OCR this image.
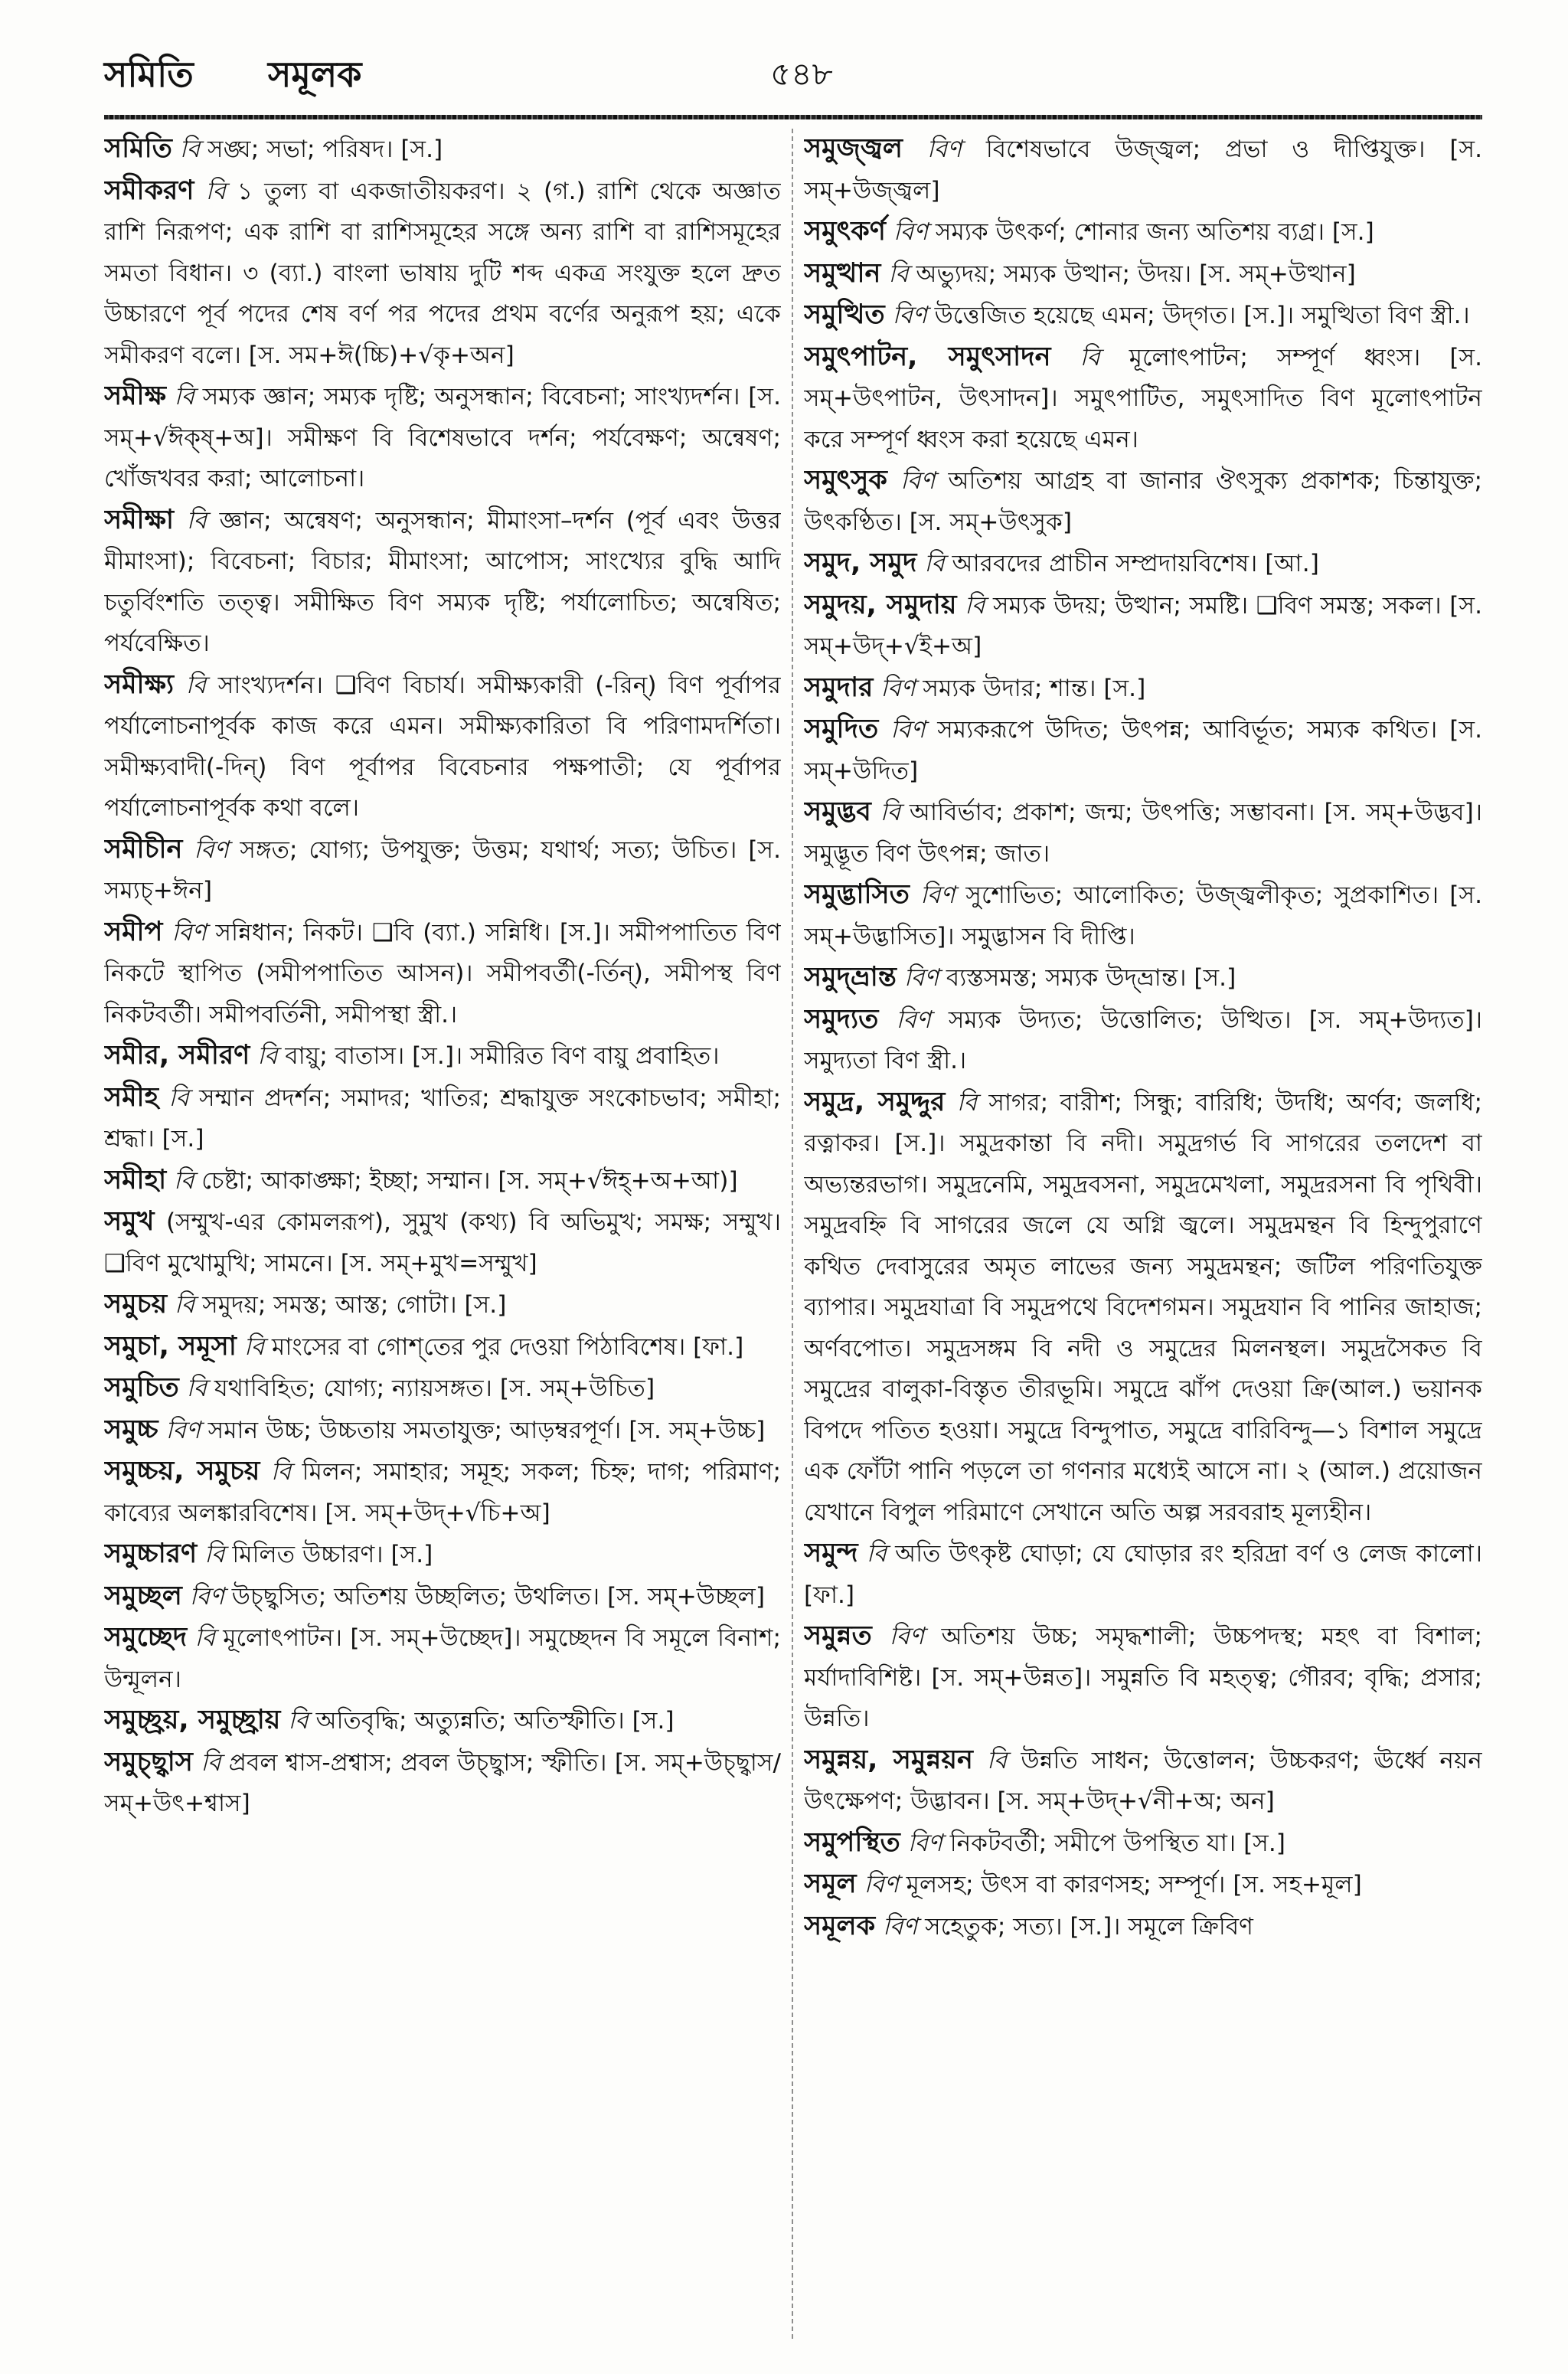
সমিতি সমূলক	৫৪৮

সমিতি বি সঙ্ঘ; সভা; পরিষদ। [স.]

সমীকরণ বি ১ তুল্য বা একজাতীয়করণ। ২ (গ.) রাশি থেকে অজ্ঞাত রাশি নিরূপণ; এক রাশি বা রাশিসমূহের সঙ্গে অন্য রাশি বা রাশিসমূহের সমতা বিধান। ৩ (ব্যা.) বাংলা ভাষায় দুটি শব্দ একত্র সংযুক্ত হলে দ্রুত উচ্চারণে পূর্ব পদের শেষ বর্ণ পর পদের প্রথম বর্ণের অনুরূপ হয়; একে সমীকরণ বলে। [স. সম+ঈ(চ্চি)+√কৃ+অন]

সমীক্ষ বি সম্যক জ্ঞান; সম্যক দৃষ্টি; অনুসন্ধান; বিবেচনা; সাংখ্যদর্শন। [স. সম্+√ঈক্ষ্+অ]। সমীক্ষণ বি বিশেষভাবে দর্শন; পর্যবেক্ষণ; অন্বেষণ; খোঁজখবর করা; আলোচনা।

সমীক্ষা বি জ্ঞান; অন্বেষণ; অনুসন্ধান; মীমাংসা–দর্শন (পূর্ব এবং উত্তর মীমাংসা); বিবেচনা; বিচার; মীমাংসা; আপোস; সাংখ্যের বুদ্ধি আদি চতুর্বিংশতি তত্ত্ব। সমীক্ষিত বিণ সম্যক দৃষ্টি; পর্যালোচিত; অন্বেষিত; পর্যবেক্ষিত।

সমীক্ষ্য বি সাংখ্যদর্শন। ❑বিণ বিচার্য। সমীক্ষ্যকারী (-রিন্) বিণ পূর্বাপর পর্যালোচনাপূর্বক কাজ করে এমন। সমীক্ষ্যকারিতা বি পরিণামদর্শিতা। সমীক্ষ্যবাদী(-দিন্) বিণ পূর্বাপর বিবেচনার পক্ষপাতী; যে পূর্বাপর পর্যালোচনাপূর্বক কথা বলে।

সমীচীন বিণ সঙ্গত; যোগ্য; উপযুক্ত; উত্তম; যথার্থ; সত্য; উচিত। [স. সম্যচ্+ঈন]

সমীপ বিণ সন্নিধান; নিকট। ❑বি (ব্যা.) সন্নিধি। [স.]। সমীপপাতিত বিণ নিকটে স্থাপিত (সমীপপাতিত আসন)। সমীপবর্তী(-র্তিন্), সমীপস্থ বিণ নিকটবর্তী। সমীপবর্তিনী, সমীপস্থা স্ত্রী.।

সমীর, সমীরণ বি বায়ু; বাতাস। [স.]। সমীরিত বিণ বায়ু প্রবাহিত।

সমীহ বি সম্মান প্রদর্শন; সমাদর; খাতির; শ্রদ্ধাযুক্ত সংকোচভাব; সমীহা; শ্রদ্ধা। [স.]

সমীহা বি চেষ্টা; আকাঙ্ক্ষা; ইচ্ছা; সম্মান। [স. সম্+√ঈহ্+অ+আ)]

সমুখ (সম্মুখ-এর কোমলরূপ), সুমুখ (কথ্য) বি অভিমুখ; সমক্ষ; সম্মুখ। ❑বিণ মুখোমুখি; সামনে। [স. সম্+মুখ=সম্মুখ]

সমুচয় বি সমুদয়; সমস্ত; আস্ত; গোটা। [স.]

সমুচা, সমূসা বি মাংসের বা গোশ্‌তের পুর দেওয়া পিঠাবিশেষ। [ফা.]

সমুচিত বি যথাবিহিত; যোগ্য; ন্যায়সঙ্গত। [স. সম্+উচিত]

সমুচ্চ বিণ সমান উচ্চ; উচ্চতায় সমতাযুক্ত; আড়ম্বরপূর্ণ। [স. সম্+উচ্চ]

সমুচ্চয়, সমুচয় বি মিলন; সমাহার; সমূহ; সকল; চিহ্ন; দাগ; পরিমাণ; কাব্যের অলঙ্কারবিশেষ। [স. সম্+উদ্+√চি+অ]

সমুচ্চারণ বি মিলিত উচ্চারণ। [স.]

সমুচ্ছল বিণ উচ্ছ্বসিত; অতিশয় উচ্ছলিত; উথলিত। [স. সম্+উচ্ছল]

সমুচ্ছেদ বি মূলোৎপাটন। [স. সম্+উচ্ছেদ]। সমুচ্ছেদন বি সমূলে বিনাশ; উন্মূলন।

সমুচ্ছ্রয়, সমুচ্ছ্রায় বি অতিবৃদ্ধি; অত্যুন্নতি; অতিস্ফীতি। [স.]

সমুচ্ছ্বাস বি প্রবল শ্বাস-প্রশ্বাস; প্রবল উচ্ছ্বাস; স্ফীতি। [স. সম্+উচ্ছ্বাস/ সম্+উৎ+শ্বাস]

সমুজ্জ্বল বিণ বিশেষভাবে উজ্জ্বল; প্রভা ও দীপ্তিযুক্ত। [স. সম্+উজ্জ্বল]

সমুৎকর্ণ বিণ সম্যক উৎকর্ণ; শোনার জন্য অতিশয় ব্যগ্র। [স.]

সমুত্থান বি অভ্যুদয়; সম্যক উত্থান; উদয়। [স. সম্+উত্থান]

সমুত্থিত বিণ উত্তেজিত হয়েছে এমন; উদ্‌গত। [স.]। সমুত্থিতা বিণ স্ত্রী.।

সমুৎপাটন, সমুৎসাদন বি মূলোৎপাটন; সম্পূর্ণ ধ্বংস। [স. সম্+উৎপাটন, উৎসাদন]। সমুৎপাটিত, সমুৎসাদিত বিণ মূলোৎপাটন করে সম্পূর্ণ ধ্বংস করা হয়েছে এমন।

সমুৎসুক বিণ অতিশয় আগ্রহ বা জানার ঔৎসুক্য প্রকাশক; চিন্তাযুক্ত; উৎকণ্ঠিত। [স. সম্+উৎসুক]

সমুদ, সমুদ বি আরবদের প্রাচীন সম্প্রদায়বিশেষ। [আ.]

সমুদয়, সমুদায় বি সম্যক উদয়; উত্থান; সমষ্টি। ❑বিণ সমস্ত; সকল। [স. সম্+উদ্+√ই+অ]

সমুদার বিণ সম্যক উদার; শান্ত। [স.]

সমুদিত বিণ সম্যকরূপে উদিত; উৎপন্ন; আবির্ভূত; সম্যক কথিত। [স. সম্+উদিত]

সমুদ্ভব বি আবির্ভাব; প্রকাশ; জন্ম; উৎপত্তি; সম্ভাবনা। [স. সম্+উদ্ভব]। সমুদ্ভূত বিণ উৎপন্ন; জাত।

সমুদ্ভাসিত বিণ সুশোভিত; আলোকিত; উজ্জ্বলীকৃত; সুপ্রকাশিত। [স. সম্+উদ্ভাসিত]। সমুদ্ভাসন বি দীপ্তি।

সমুদ্‌ভ্রান্ত বিণ ব্যস্তসমস্ত; সম্যক উদ্‌ভ্রান্ত। [স.]

সমুদ্যত বিণ সম্যক উদ্যত; উত্তোলিত; উত্থিত। [স. সম্+উদ্যত]। সমুদ্যতা বিণ স্ত্রী.।

সমুদ্র, সমুদ্দুর বি সাগর; বারীশ; সিন্ধু; বারিধি; উদধি; অর্ণব; জলধি; রত্নাকর। [স.]। সমুদ্রকান্তা বি নদী। সমুদ্রগর্ভ বি সাগরের তলদেশ বা অভ্যন্তরভাগ। সমুদ্রনেমি, সমুদ্রবসনা, সমুদ্রমেখলা, সমুদ্ররসনা বি পৃথিবী। সমুদ্রবহ্নি বি সাগরের জলে যে অগ্নি জ্বলে। সমুদ্রমন্থন বি হিন্দুপুরাণে কথিত দেবাসুরের অমৃত লাভের জন্য সমুদ্রমন্থন; জটিল পরিণতিযুক্ত ব্যাপার। সমুদ্রযাত্রা বি সমুদ্রপথে বিদেশগমন। সমুদ্রযান বি পানির জাহাজ; অর্ণবপোত। সমুদ্রসঙ্গম বি নদী ও সমুদ্রের মিলনস্থল। সমুদ্রসৈকত বি সমুদ্রের বালুকা-বিস্তৃত তীরভূমি। সমুদ্রে ঝাঁপ দেওয়া ক্রি(আল.) ভয়ানক বিপদে পতিত হওয়া। সমুদ্রে বিন্দুপাত, সমুদ্রে বারিবিন্দু—১ বিশাল সমুদ্রে এক ফোঁটা পানি পড়লে তা গণনার মধ্যেই আসে না। ২ (আল.) প্রয়োজন যেখানে বিপুল পরিমাণে সেখানে অতি অল্প সরবরাহ মূল্যহীন।

সমুন্দ বি অতি উৎকৃষ্ট ঘোড়া; যে ঘোড়ার রং হরিদ্রা বর্ণ ও লেজ কালো। [ফা.]

সমুন্নত বিণ অতিশয় উচ্চ; সমৃদ্ধশালী; উচ্চপদস্থ; মহৎ বা বিশাল; মর্যাদাবিশিষ্ট। [স. সম্+উন্নত]। সমুন্নতি বি মহত্ত্ব; গৌরব; বৃদ্ধি; প্রসার; উন্নতি।

সমুন্নয়, সমুন্নয়ন বি উন্নতি সাধন; উত্তোলন; উচ্চকরণ; ঊর্ধ্বে নয়ন উৎক্ষেপণ; উদ্ভাবন। [স. সম্+উদ্+√নী+অ; অন]

সমুপস্থিত বিণ নিকটবর্তী; সমীপে উপস্থিত যা। [স.]

সমূল বিণ মূলসহ; উৎস বা কারণসহ; সম্পূর্ণ। [স. সহ+মূল]

সমূলক বিণ সহেতুক; সত্য। [স.]। সমূলে ক্রিবিণ
